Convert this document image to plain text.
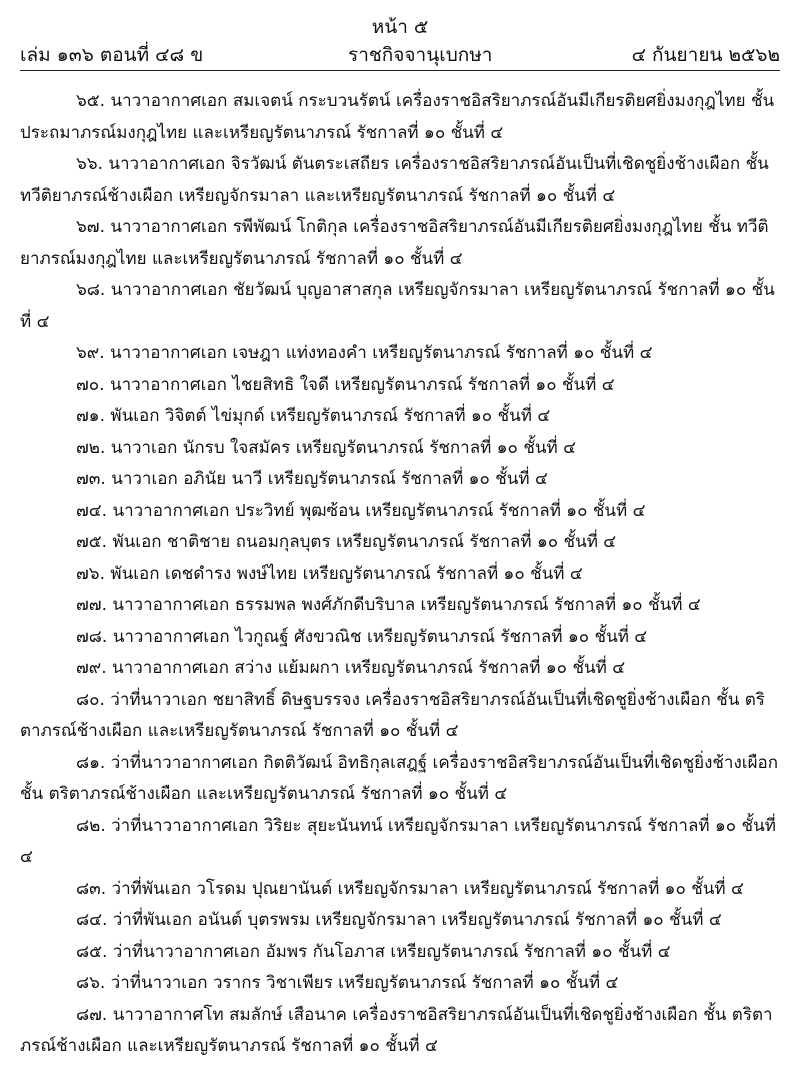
หน้า ๕
เล่ม ๑๓๖ ตอนที่ ๔๘ ข	ราชกิจจานุเบกษา	๔ กันยายน ๒๕๖๒

๖๕. นาวาอากาศเอก สมเจตน์ กระบวนรัตน์ เครื่องราชอิสริยาภรณ์อันมีเกียรติยศยิ่งมงกุฎไทย ชั้น ประถมาภรณ์มงกุฎไทย และเหรียญรัตนาภรณ์ รัชกาลที่ ๑๐ ชั้นที่ ๔

๖๖. นาวาอากาศเอก จิรวัฒน์ ตันตระเสถียร เครื่องราชอิสริยาภรณ์อันเป็นที่เชิดชูยิ่งช้างเผือก ชั้น ทวีติยาภรณ์ช้างเผือก เหรียญจักรมาลา และเหรียญรัตนาภรณ์ รัชกาลที่ ๑๐ ชั้นที่ ๔

๖๗. นาวาอากาศเอก รพีพัฒน์ โกติกุล เครื่องราชอิสริยาภรณ์อันมีเกียรติยศยิ่งมงกุฎไทย ชั้น ทวีติยาภรณ์มงกุฎไทย และเหรียญรัตนาภรณ์ รัชกาลที่ ๑๐ ชั้นที่ ๔

๖๘. นาวาอากาศเอก ชัยวัฒน์ บุญอาสาสกุล เหรียญจักรมาลา เหรียญรัตนาภรณ์ รัชกาลที่ ๑๐ ชั้นที่ ๔

๖๙. นาวาอากาศเอก เจษฎา แท่งทองคำ เหรียญรัตนาภรณ์ รัชกาลที่ ๑๐ ชั้นที่ ๔

๗๐. นาวาอากาศเอก ไชยสิทธิ ใจดี เหรียญรัตนาภรณ์ รัชกาลที่ ๑๐ ชั้นที่ ๔

๗๑. พันเอก วิจิตต์ ไข่มุกด์ เหรียญรัตนาภรณ์ รัชกาลที่ ๑๐ ชั้นที่ ๔

๗๒. นาวาเอก นักรบ ใจสมัคร เหรียญรัตนาภรณ์ รัชกาลที่ ๑๐ ชั้นที่ ๔

๗๓. นาวาเอก อภินัย นาวี เหรียญรัตนาภรณ์ รัชกาลที่ ๑๐ ชั้นที่ ๔

๗๔. นาวาอากาศเอก ประวิทย์ พุฒซ้อน เหรียญรัตนาภรณ์ รัชกาลที่ ๑๐ ชั้นที่ ๔

๗๕. พันเอก ชาติชาย ถนอมกุลบุตร เหรียญรัตนาภรณ์ รัชกาลที่ ๑๐ ชั้นที่ ๔

๗๖. พันเอก เดชดำรง พงษ์ไทย เหรียญรัตนาภรณ์ รัชกาลที่ ๑๐ ชั้นที่ ๔

๗๗. นาวาอากาศเอก ธรรมพล พงศ์ภักดีบริบาล เหรียญรัตนาภรณ์ รัชกาลที่ ๑๐ ชั้นที่ ๔

๗๘. นาวาอากาศเอก ไวกูณฐ์ ศังขวณิช เหรียญรัตนาภรณ์ รัชกาลที่ ๑๐ ชั้นที่ ๔

๗๙. นาวาอากาศเอก สว่าง แย้มผกา เหรียญรัตนาภรณ์ รัชกาลที่ ๑๐ ชั้นที่ ๔

๘๐. ว่าที่นาวาเอก ชยาสิทธิ์ ดิษฐบรรจง เครื่องราชอิสริยาภรณ์อันเป็นที่เชิดชูยิ่งช้างเผือก ชั้น ตริตาภรณ์ช้างเผือก และเหรียญรัตนาภรณ์ รัชกาลที่ ๑๐ ชั้นที่ ๔

๘๑. ว่าที่นาวาอากาศเอก กิตติวัฒน์ อิทธิกุลเสฎฐ์ เครื่องราชอิสริยาภรณ์อันเป็นที่เชิดชูยิ่งช้างเผือก ชั้น ตริตาภรณ์ช้างเผือก และเหรียญรัตนาภรณ์ รัชกาลที่ ๑๐ ชั้นที่ ๔

๘๒. ว่าที่นาวาอากาศเอก วิริยะ สุยะนันทน์ เหรียญจักรมาลา เหรียญรัตนาภรณ์ รัชกาลที่ ๑๐ ชั้นที่ ๔

๘๓. ว่าที่พันเอก วโรดม ปุณยานันต์ เหรียญจักรมาลา เหรียญรัตนาภรณ์ รัชกาลที่ ๑๐ ชั้นที่ ๔

๘๔. ว่าที่พันเอก อนันต์ บุตรพรม เหรียญจักรมาลา เหรียญรัตนาภรณ์ รัชกาลที่ ๑๐ ชั้นที่ ๔

๘๕. ว่าที่นาวาอากาศเอก อัมพร กันโอภาส เหรียญรัตนาภรณ์ รัชกาลที่ ๑๐ ชั้นที่ ๔

๘๖. ว่าที่นาวาเอก วรากร วิชาเพียร เหรียญรัตนาภรณ์ รัชกาลที่ ๑๐ ชั้นที่ ๔

๘๗. นาวาอากาศโท สมลักษ์ เสือนาค เครื่องราชอิสริยาภรณ์อันเป็นที่เชิดชูยิ่งช้างเผือก ชั้น ตริตาภรณ์ช้างเผือก และเหรียญรัตนาภรณ์ รัชกาลที่ ๑๐ ชั้นที่ ๔
